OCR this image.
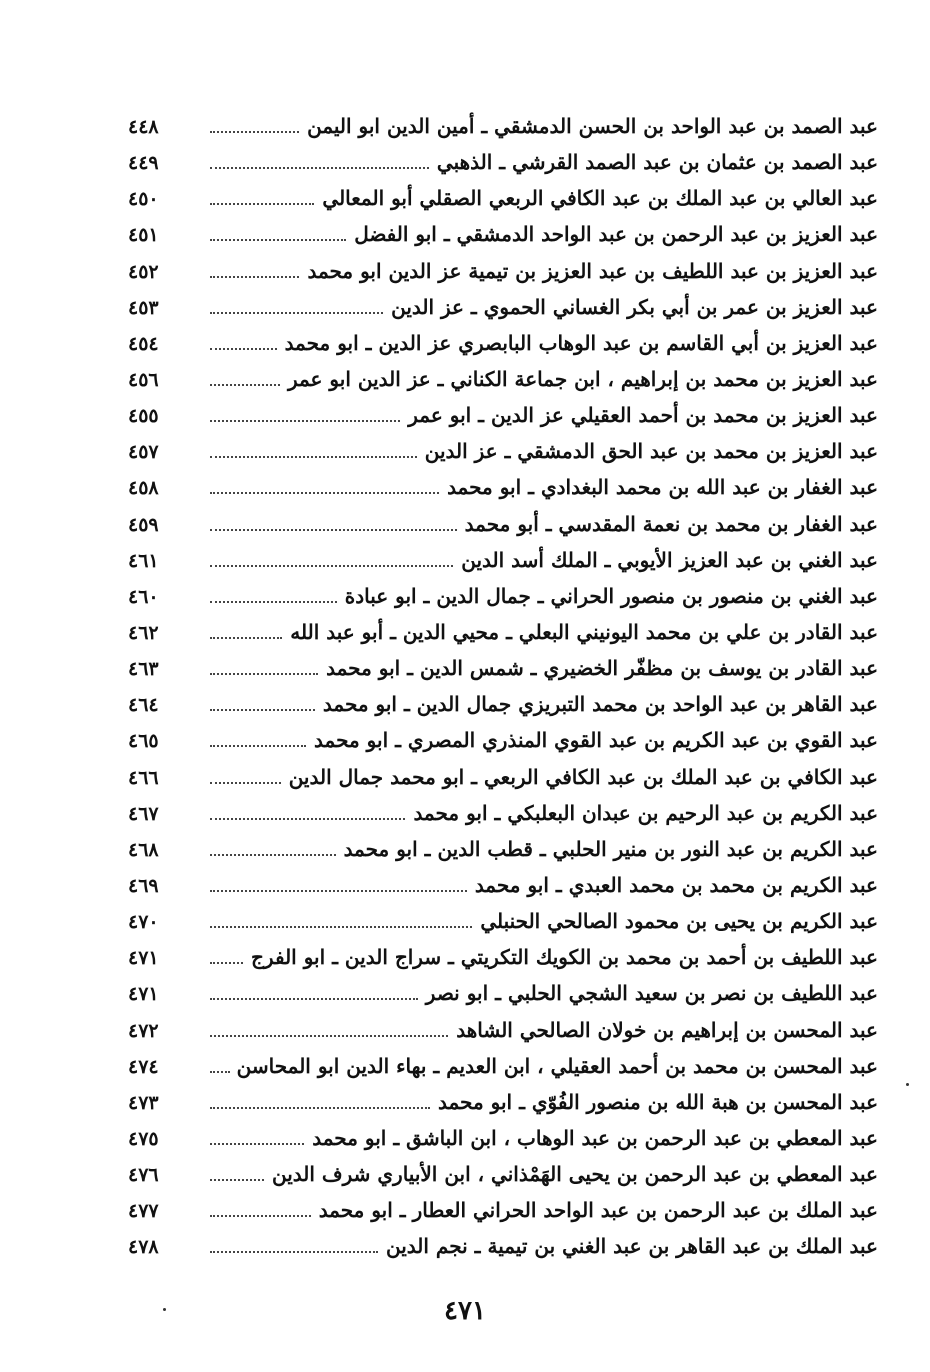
عبد الصمد بن عبد الواحد بن الحسن الدمشقي ـ أمين الدين ابو اليمن
٤٤٨
عبد الصمد بن عثمان بن عبد الصمد القرشي ـ الذهبي
٤٤٩
عبد العالي بن عبد الملك بن عبد الكافي الربعي الصقلي أبو المعالي
٤٥٠
عبد العزيز بن عبد الرحمن بن عبد الواحد الدمشقي ـ ابو الفضل
٤٥١
عبد العزيز بن عبد اللطيف بن عبد العزيز بن تيمية عز الدين ابو محمد
٤٥٢
عبد العزيز بن عمر بن أبي بكر الغساني الحموي ـ عز الدين
٤٥٣
عبد العزيز بن أبي القاسم بن عبد الوهاب البابصري عز الدين ـ ابو محمد
٤٥٤
عبد العزيز بن محمد بن إبراهيم ، ابن جماعة الكناني ـ عز الدين ابو عمر
٤٥٦
عبد العزيز بن محمد بن أحمد العقيلي عز الدين ـ ابو عمر
٤٥٥
عبد العزيز بن محمد بن عبد الحق الدمشقي ـ عز الدين
٤٥٧
عبد الغفار بن عبد الله بن محمد البغدادي ـ ابو محمد
٤٥٨
عبد الغفار بن محمد بن نعمة المقدسي ـ أبو محمد
٤٥٩
عبد الغني بن عبد العزيز الأيوبي ـ الملك أسد الدين
٤٦١
عبد الغني بن منصور بن منصور الحراني ـ جمال الدين ـ ابو عبادة
٤٦٠
عبد القادر بن علي بن محمد اليونيني البعلي ـ محيي الدين ـ أبو عبد الله
٤٦٢
عبد القادر بن يوسف بن مظفّر الخضيري ـ شمس الدين ـ ابو محمد
٤٦٣
عبد القاهر بن عبد الواحد بن محمد التبريزي جمال الدين ـ ابو محمد
٤٦٤
عبد القوي بن عبد الكريم بن عبد القوي المنذري المصري ـ ابو محمد
٤٦٥
عبد الكافي بن عبد الملك بن عبد الكافي الربعي ـ ابو محمد جمال الدين
٤٦٦
عبد الكريم بن عبد الرحيم بن عبدان البعلبكي ـ ابو محمد
٤٦٧
عبد الكريم بن عبد النور بن منير الحلبي ـ قطب الدين ـ ابو محمد
٤٦٨
عبد الكريم بن محمد بن محمد العبدي ـ ابو محمد
٤٦٩
عبد الكريم بن يحيى بن محمود الصالحي الحنبلي
٤٧٠
عبد اللطيف بن أحمد بن محمد بن الكويك التكريتي ـ سراج الدين ـ ابو الفرج
٤٧١
عبد اللطيف بن نصر بن سعيد الشجي الحلبي ـ ابو نصر
٤٧١
عبد المحسن بن إبراهيم بن خولان الصالحي الشاهد
٤٧٢
عبد المحسن بن محمد بن أحمد العقيلي ، ابن العديم ـ بهاء الدين ابو المحاسن
٤٧٤
عبد المحسن بن هبة الله بن منصور الفُوّي ـ ابو محمد
٤٧٣
عبد المعطي بن عبد الرحمن بن عبد الوهاب ، ابن الباشق ـ ابو محمد
٤٧٥
عبد المعطي بن عبد الرحمن بن يحيى الهَمْذاني ، ابن الأبياري شرف الدين
٤٧٦
عبد الملك بن عبد الرحمن بن عبد الواحد الحراني العطار ـ ابو محمد
٤٧٧
عبد الملك بن عبد القاهر بن عبد الغني بن تيمية ـ نجم الدين
٤٧٨
٤٧١
